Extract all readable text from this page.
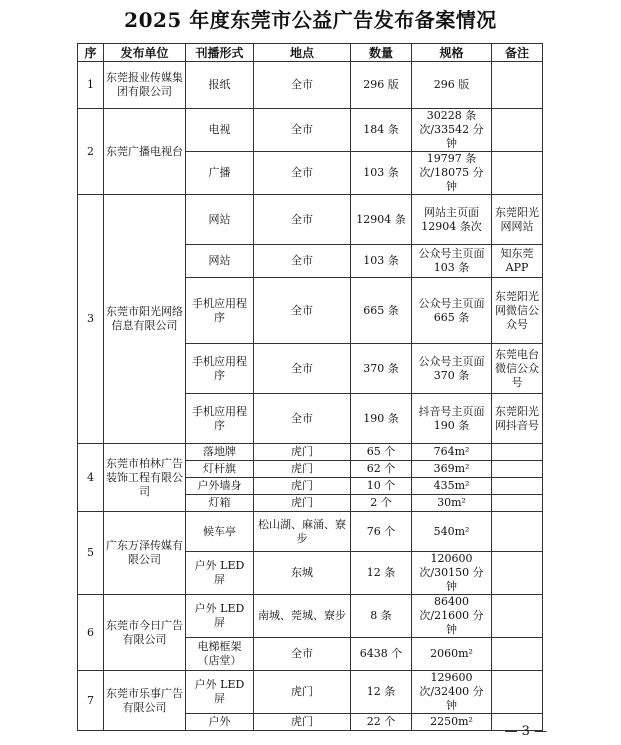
2025 年度东莞市公益广告发布备案情况
序	发布单位	刊播形式	地点	数量	规格	备注
1	东莞报业传媒集团有限公司	报纸	全市	296 版	296 版	
2	东莞广播电视台	电视	全市	184 条	30228 条次/33542 分钟	
		广播	全市	103 条	19797 条次/18075 分钟	
3	东莞市阳光网络信息有限公司	网站	全市	12904 条	网站主页面12904 条次	东莞阳光网网站
		网站	全市	103 条	公众号主页面 103 条	知东莞APP
		手机应用程序	全市	665 条	公众号主页面 665 条	东莞阳光网微信公众号
		手机应用程序	全市	370 条	公众号主页面 370 条	东莞电台微信公众号
		手机应用程序	全市	190 条	抖音号主页面 190 条	东莞阳光网抖音号
4	东莞市柏林广告装饰工程有限公司	落地牌	虎门	65 个	764m²	
		灯杆旗	虎门	62 个	369m²	
		户外墙身	虎门	10 个	435m²	
		灯箱	虎门	2 个	30m²	
5	广东万泽传媒有限公司	候车亭	松山湖、麻涌、寮步	76 个	540m²	
		户外 LED 屏	东城	12 条	120600 次/30150 分钟	
6	东莞市今日广告有限公司	户外 LED 屏	南城、莞城、寮步	8 条	86400 次/21600 分钟	
		电梯框架（店堂）	全市	6438 个	2060m²	
7	东莞市乐事广告有限公司	户外 LED 屏	虎门	12 条	129600 次/32400 分钟	
		户外	虎门	22 个	2250m²	
— 3 —
